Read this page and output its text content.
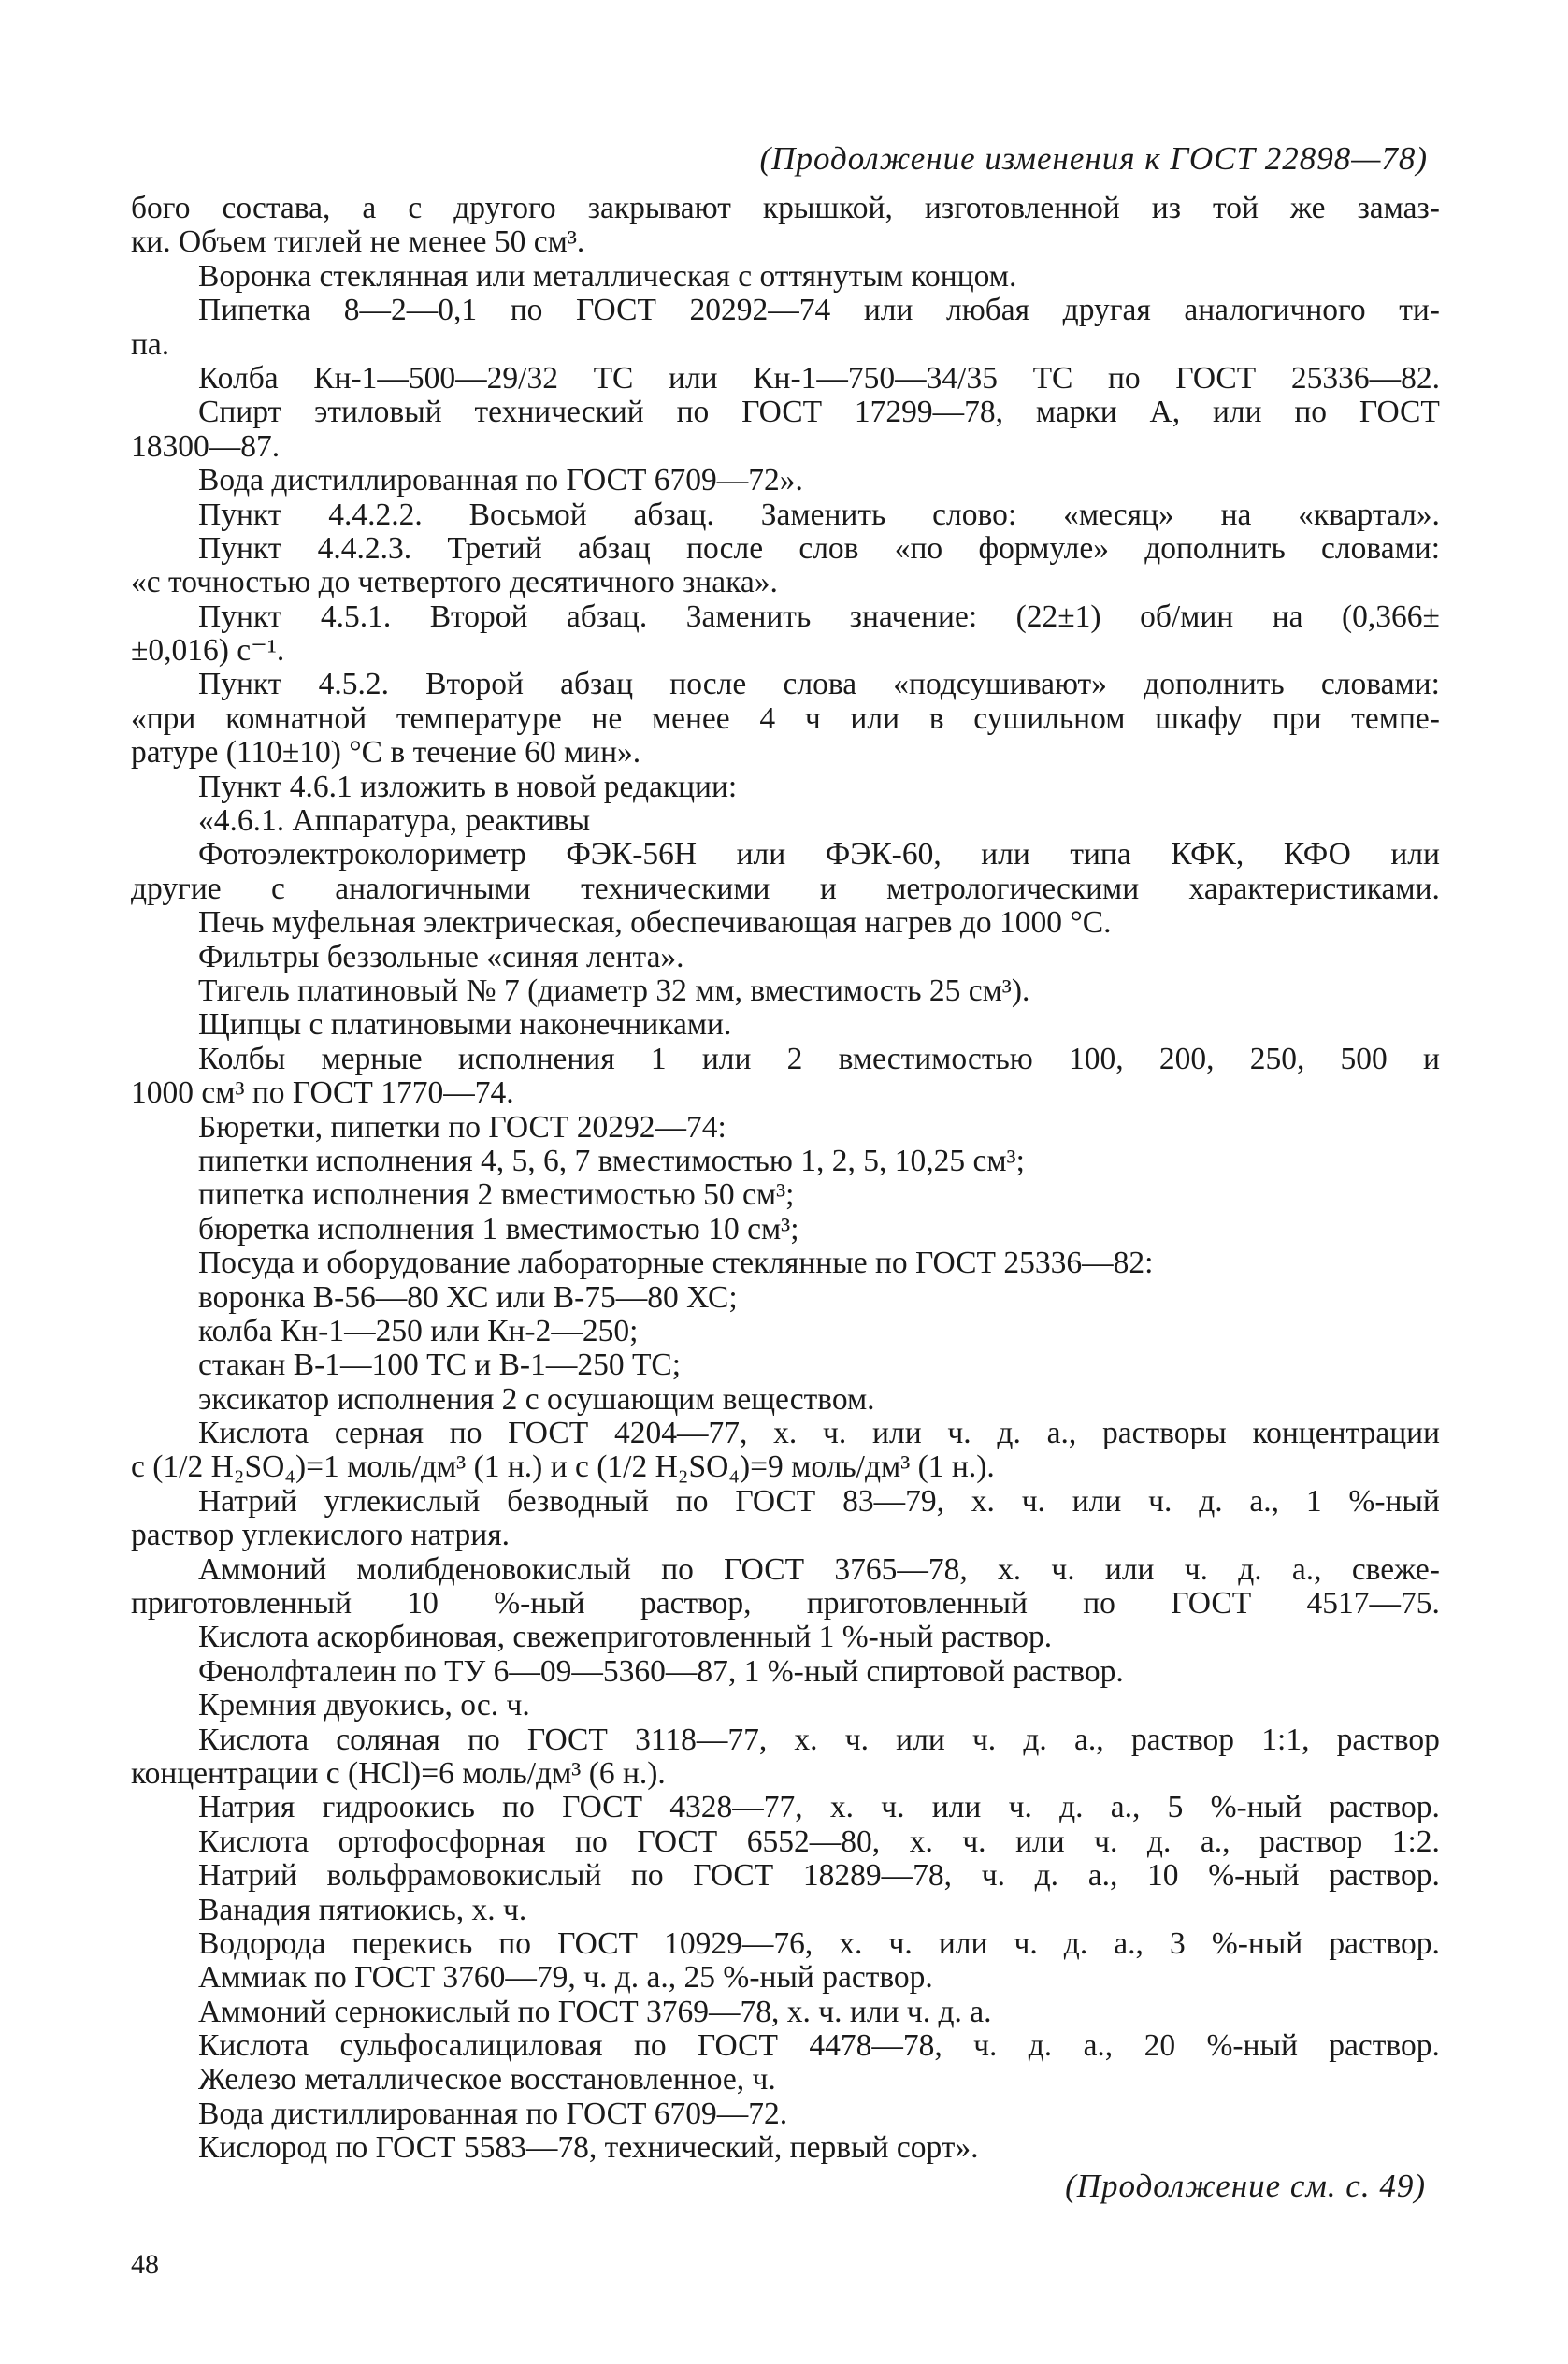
(Продолжение изменения к ГОСТ 22898—78)
бого состава, а с другого закрывают крышкой, изготовленной из той же замаз-
ки. Объем тиглей не менее 50 см³.
Воронка стеклянная или металлическая с оттянутым концом.
Пипетка 8—2—0,1 по ГОСТ 20292—74 или любая другая аналогичного ти-
па.
Колба Кн-1—500—29/32 ТС или Кн-1—750—34/35 ТС по ГОСТ 25336—82.
Спирт этиловый технический по ГОСТ 17299—78, марки А, или по ГОСТ
18300—87.
Вода дистиллированная по ГОСТ 6709—72».
Пункт 4.4.2.2. Восьмой абзац. Заменить слово: «месяц» на «квартал».
Пункт 4.4.2.3. Третий абзац после слов «по формуле» дополнить словами:
«с точностью до четвертого десятичного знака».
Пункт 4.5.1. Второй абзац. Заменить значение: (22±1) об/мин на (0,366±
±0,016) с⁻¹.
Пункт 4.5.2. Второй абзац после слова «подсушивают» дополнить словами:
«при комнатной температуре не менее 4 ч или в сушильном шкафу при темпе-
ратуре (110±10) °С в течение 60 мин».
Пункт 4.6.1 изложить в новой редакции:
«4.6.1. Аппаратура, реактивы
Фотоэлектроколориметр ФЭК-56Н или ФЭК-60, или типа КФК, КФО или
другие с аналогичными техническими и метрологическими характеристиками.
Печь муфельная электрическая, обеспечивающая нагрев до 1000 °С.
Фильтры беззольные «синяя лента».
Тигель платиновый № 7 (диаметр 32 мм, вместимость 25 см³).
Щипцы с платиновыми наконечниками.
Колбы мерные исполнения 1 или 2 вместимостью 100, 200, 250, 500 и
1000 см³ по ГОСТ 1770—74.
Бюретки, пипетки по ГОСТ 20292—74:
пипетки исполнения 4, 5, 6, 7 вместимостью 1, 2, 5, 10,25 см³;
пипетка исполнения 2 вместимостью 50 см³;
бюретка исполнения 1 вместимостью 10 см³;
Посуда и оборудование лабораторные стеклянные по ГОСТ 25336—82:
воронка В-56—80 ХС или В-75—80 ХС;
колба Кн-1—250 или Кн-2—250;
стакан В-1—100 ТС и В-1—250 ТС;
эксикатор исполнения 2 с осушающим веществом.
Кислота серная по ГОСТ 4204—77, х. ч. или ч. д. а., растворы концентрации
с (1/2 H₂SO₄)=1 моль/дм³ (1 н.) и с (1/2 H₂SO₄)=9 моль/дм³ (1 н.).
Натрий углекислый безводный по ГОСТ 83—79, х. ч. или ч. д. а., 1 %-ный
раствор углекислого натрия.
Аммоний молибденовокислый по ГОСТ 3765—78, х. ч. или ч. д. а., свеже-
приготовленный 10 %-ный раствор, приготовленный по ГОСТ 4517—75.
Кислота аскорбиновая, свежеприготовленный 1 %-ный раствор.
Фенолфталеин по ТУ 6—09—5360—87, 1 %-ный спиртовой раствор.
Кремния двуокись, ос. ч.
Кислота соляная по ГОСТ 3118—77, х. ч. или ч. д. а., раствор 1:1, раствор
концентрации с (HCl)=6 моль/дм³ (6 н.).
Натрия гидроокись по ГОСТ 4328—77, х. ч. или ч. д. а., 5 %-ный раствор.
Кислота ортофосфорная по ГОСТ 6552—80, х. ч. или ч. д. а., раствор 1:2.
Натрий вольфрамовокислый по ГОСТ 18289—78, ч. д. а., 10 %-ный раствор.
Ванадия пятиокись, х. ч.
Водорода перекись по ГОСТ 10929—76, х. ч. или ч. д. а., 3 %-ный раствор.
Аммиак по ГОСТ 3760—79, ч. д. а., 25 %-ный раствор.
Аммоний сернокислый по ГОСТ 3769—78, х. ч. или ч. д. а.
Кислота сульфосалициловая по ГОСТ 4478—78, ч. д. а., 20 %-ный раствор.
Железо металлическое восстановленное, ч.
Вода дистиллированная по ГОСТ 6709—72.
Кислород по ГОСТ 5583—78, технический, первый сорт».
(Продолжение см. с. 49)
48
